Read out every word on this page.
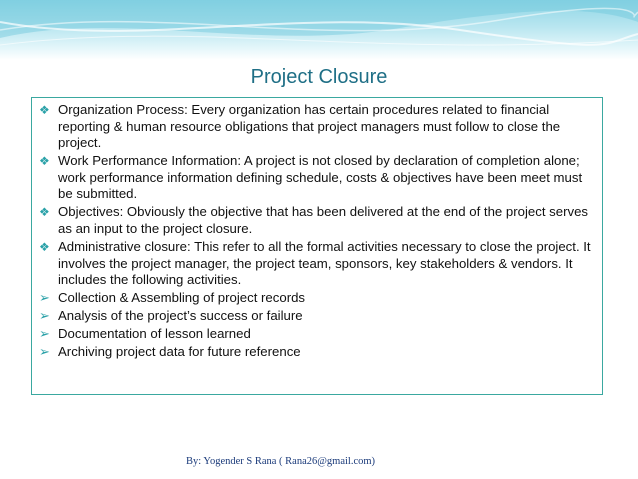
Project Closure
❖ Organization Process: Every organization has certain procedures related to financial reporting & human resource obligations that project managers must follow to close the project.
❖ Work Performance Information: A project is not closed by declaration of completion alone; work performance information defining schedule, costs & objectives have been meet must be submitted.
❖ Objectives: Obviously the objective that has been delivered at the end of the project serves as an input to the project closure.
❖ Administrative closure: This refer to all the formal activities necessary to close the project. It involves the project manager, the project team, sponsors, key stakeholders & vendors. It includes the following activities.
➢ Collection & Assembling of project records
➢ Analysis of the project’s success or failure
➢ Documentation of lesson learned
➢ Archiving project data for future reference
By: Yogender S Rana ( Rana26@gmail.com)
